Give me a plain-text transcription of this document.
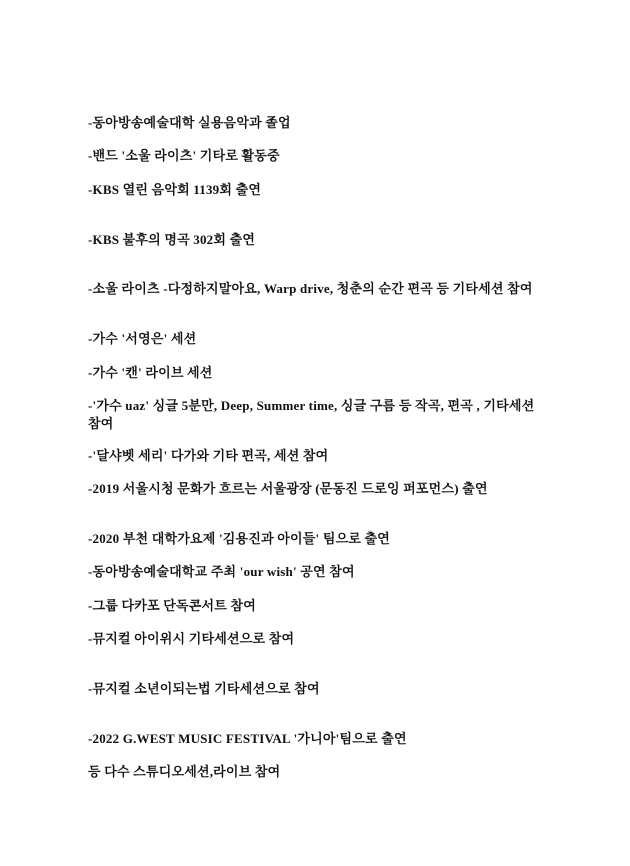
-동아방송예술대학 실용음악과 졸업
-밴드 '소울 라이츠' 기타로 활동중
-KBS 열린 음악회 1139회 출연
-KBS 불후의 명곡 302회 출연
-소울 라이츠 -다정하지말아요, Warp drive, 청춘의 순간 편곡 등 기타세션 참여
-가수 '서영은' 세션
-가수 '캔' 라이브 세션
-'가수 uaz' 싱글 5분만, Deep, Summer time, 싱글 구름 등 작곡, 편곡 , 기타세션 참여
-'달샤벳 세리' 다가와 기타 편곡, 세션 참여
-2019 서울시청 문화가 흐르는 서울광장 (문동진 드로잉 퍼포먼스) 출연
-2020 부천 대학가요제 '김용진과 아이들' 팀으로 출연
-동아방송예술대학교 주최 'our wish' 공연 참여
-그룹 다카포 단독콘서트 참여
-뮤지컬 아이위시 기타세션으로 참여
-뮤지컬 소년이되는법 기타세션으로 참여
-2022 G.WEST MUSIC FESTIVAL '가니아'팀으로 출연
등 다수 스튜디오세션,라이브 참여
